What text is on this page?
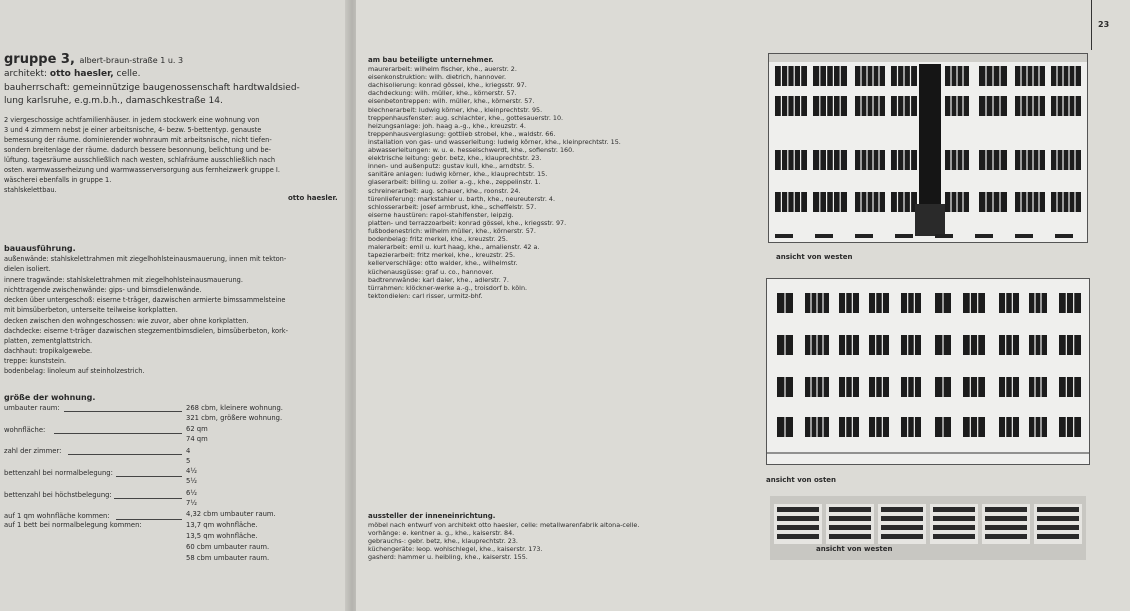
gruppe 3, albert-braun-straße 1 u. 3
architekt: otto haesler, celle.
bauherrschaft: gemeinnützige baugenossenschaft hardtwaldsied-
lung karlsruhe, e.g.m.b.h., damaschkestraße 14.
2 viergeschossige achtfamilienhäuser. in jedem stockwerk eine wohnung von
3 und 4 zimmern nebst je einer arbeitsnische, 4- bezw. 5-bettentyp. genauste
bemessung der räume. dominierender wohnraum mit arbeitsnische, nicht tiefen-
sondern breitenlage der räume. dadurch bessere besonnung, belichtung und be-
lüftung. tagesräume ausschließlich nach westen, schlafräume ausschließlich nach
osten. warmwasserheizung und warmwasserversorgung aus fernheizwerk gruppe I.
wäscherei ebenfalls in gruppe 1.
stahlskelettbau.
otto haesler.
bauausführung.
außenwände: stahlskelettrahmen mit ziegelhohlsteinausmauerung, innen mit tekton-
dielen isoliert.
innere tragwände: stahlskelettrahmen mit ziegelhohlsteinausmauerung.
nichttragende zwischenwände: gips- und bimsdielenwände.
decken über untergeschoß: eiserne t-träger, dazwischen armierte bimssammelsteine
mit bimsüberbeton, unterseite teilweise korkplatten.
decken zwischen den wohngeschossen: wie zuvor, aber ohne korkplatten.
dachdecke: eiserne t-träger dazwischen stegzementbimsdielen, bimsüberbeton, kork-
platten, zementglattstrich.
dachhaut: tropikalgewebe.
treppe: kunststein.
bodenbelag: linoleum auf steinholzestrich.
größe der wohnung.
umbauter raum:	268 cbm, kleinere wohnung.
321 cbm, größere wohnung.
wohnfläche:	62 qm
74 qm
zahl der zimmer:	4
5
bettenzahl bei normalbelegung:	4½
5½
bettenzahl bei höchstbelegung:	6½
7½
auf 1 qm wohnfläche kommen:	4,32 cbm umbauter raum.
auf 1 bett bei normalbelegung kommen:	13,7 qm wohnfläche.
13,5 qm wohnfläche.
60 cbm umbauter raum.
58 cbm umbauter raum.
23
am bau beteiligte unternehmer.
maurerarbeit: wilhelm fischer, khe., auerstr. 2.
eisenkonstruktion: wilh. dietrich, hannover.
dachisolierung: konrad gössel, khe., kriegsstr. 97.
dachdeckung: wilh. müller, khe., körnerstr. 57.
eisenbetontreppen: wilh. müller, khe., körnerstr. 57.
blechnerarbeit: ludwig körner, khe., kleinprechtstr. 95.
treppenhausfenster: aug. schlachter, khe., gottesauerstr. 10.
heizungsanlage: joh. haag a.-g., khe., kreuzstr. 4.
treppenhausverglasung: gottlieb strobel, khe., waldstr. 66.
installation von gas- und wasserleitung: ludwig körner, khe., kleinprechtstr. 15.
abwasserleitungen: w. u. e. hesselschwerdt, khe., sofienstr. 160.
elektrische leitung: gebr. betz, khe., klauprechtstr. 23.
innen- und außenputz: gustav kull, khe., arndtstr. 5.
sanitäre anlagen: ludwig körner, khe., klauprechtstr. 15.
glaserarbeit: billing u. zoller a.-g., khe., zeppelinstr. 1.
schreinerarbeit: aug. schauer, khe., roonstr. 24.
türenlieferung: markstahler u. barth, khe., neureuterstr. 4.
schlosserarbeit: josef armbrust, khe., scheffelstr. 57.
eiserne haustüren: rapol-stahlfenster, leipzig.
platten- und terrazzoarbeit: konrad gössel, khe., kriegsstr. 97.
fußbodenestrich: wilhelm müller, khe., körnerstr. 57.
bodenbelag: fritz merkel, khe., kreuzstr. 25.
malerarbeit: emil u. kurt haag, khe., amalienstr. 42 a.
tapezierarbeit: fritz merkel, khe., kreuzstr. 25.
kellerverschläge: otto walder, khe., wilhelmstr.
küchenausgüsse: graf u. co., hannover.
badtrennwände: karl daler, khe., adlerstr. 7.
türrahmen: klöckner-werke a.-g., troisdorf b. köln.
tektondielen: carl risser, urmitz-bhf.
aussteller der inneneinrichtung.
möbel nach entwurf von architekt otto haesler, celle: metallwarenfabrik altona-celle.
vorhänge: e. kentner a. g., khe., kaiserstr. 84.
gebrauchs-: gebr. betz, khe., klauprechtstr. 23.
küchengeräte: leop. wohlschlegel, khe., kaiserstr. 173.
gasherd: hammer u. heibling, khe., kaiserstr. 155.
ansicht von westen
ansicht von osten
ansicht von westen
